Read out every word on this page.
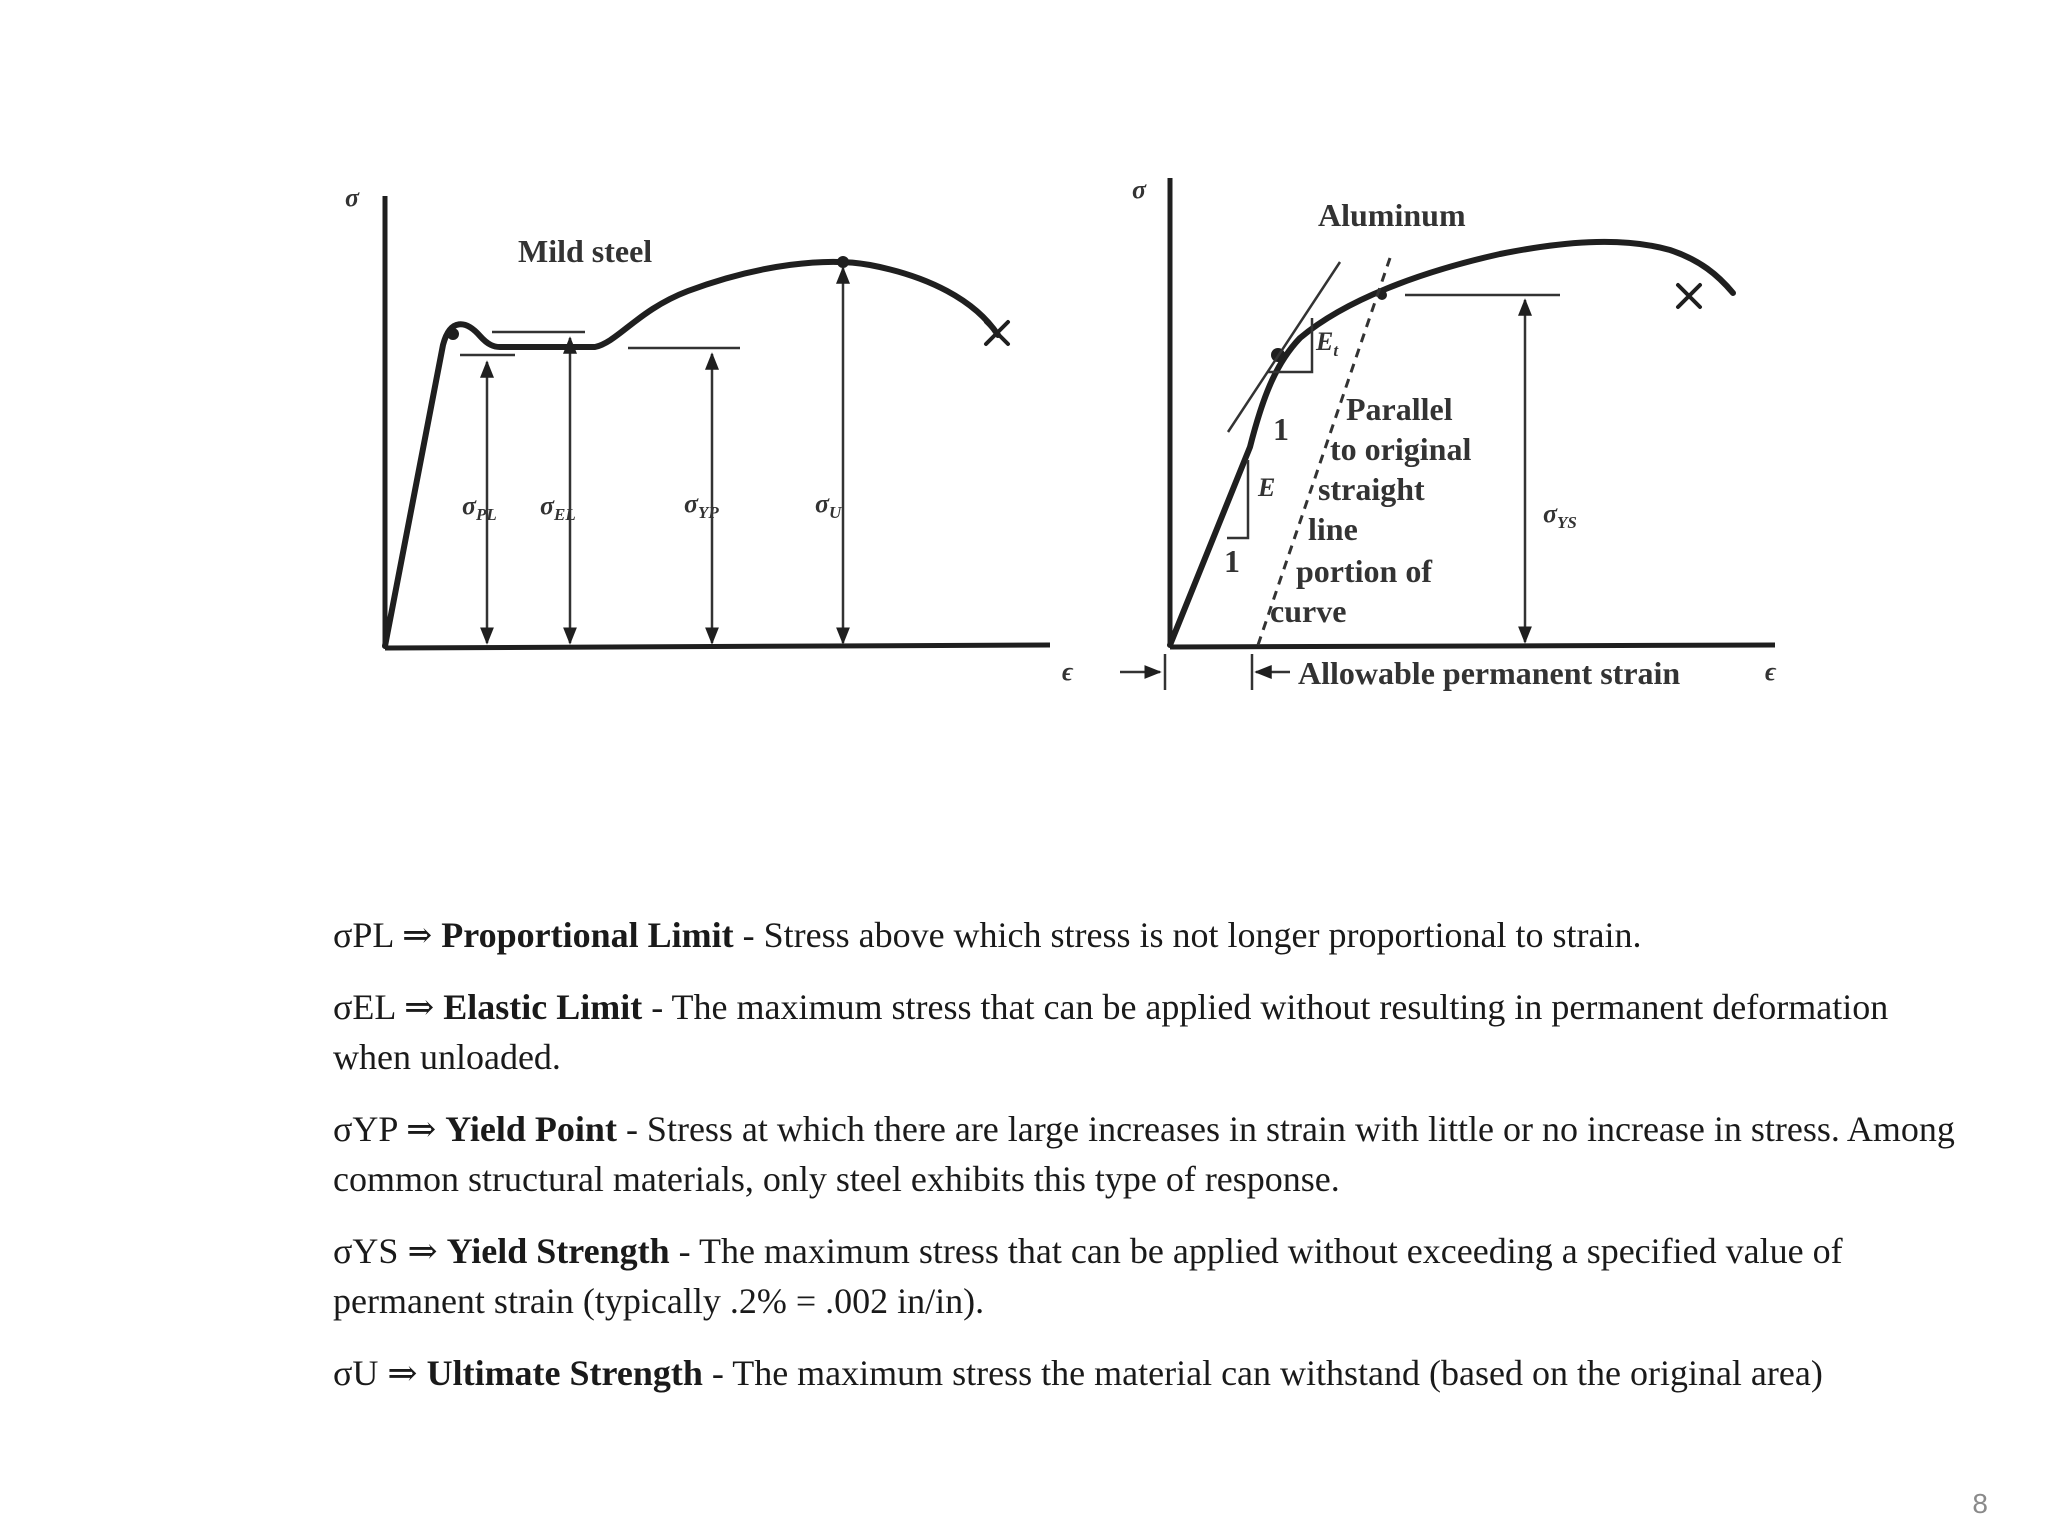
σ
Mild steel
ϵ
$\sigma_{PL}$ $\sigma_{EL}$	$\sigma_{YP}$	$\sigma_U$
σ
Aluminum
ϵ
1
1
$E_t$
E
Parallel
to original
straight
line
portion of
curve
$\sigma_{YS}$
Allowable permanent strain

σPL ⇒ Proportional Limit - Stress above which stress is not longer proportional to strain.

σEL ⇒ Elastic Limit - The maximum stress that can be applied without resulting in permanent deformation when unloaded.

σYP ⇒ Yield Point - Stress at which there are large increases in strain with little or no increase in stress. Among common structural materials, only steel exhibits this type of response.

σYS ⇒ Yield Strength - The maximum stress that can be applied without exceeding a specified value of permanent strain (typically .2% = .002 in/in).

σU ⇒ Ultimate Strength - The maximum stress the material can withstand (based on the original area)

8
